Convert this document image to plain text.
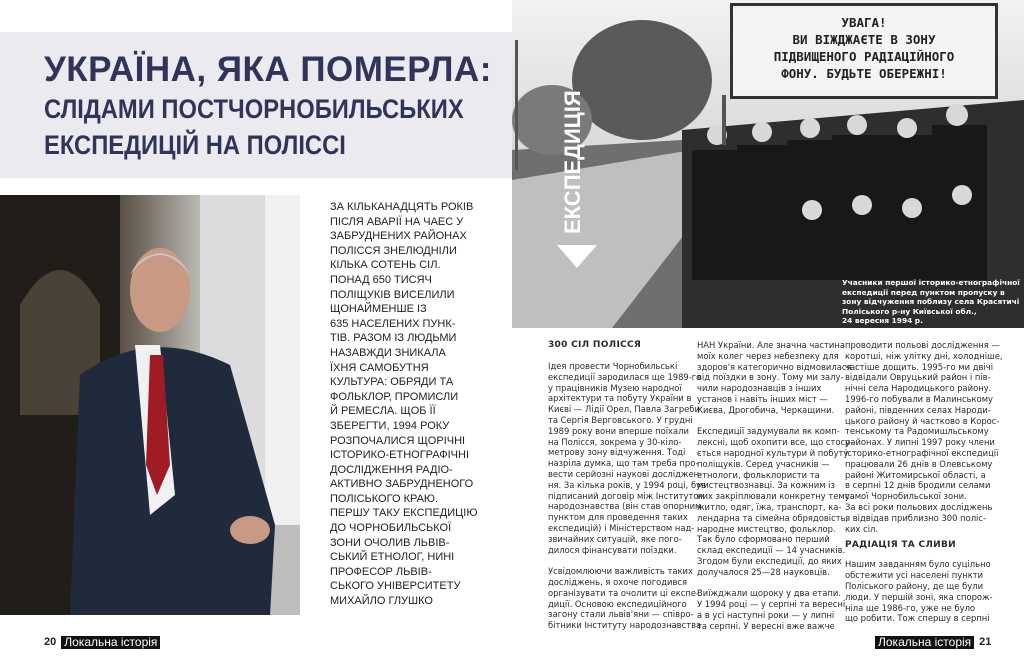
УКРАЇНА, ЯКА ПОМЕРЛА:
СЛІДАМИ ПОСТЧОРНОБИЛЬСЬКИХ
ЕКСПЕДИЦІЙ НА ПОЛІССІ
ЗА КІЛЬКАНАДЦЯТЬ РОКІВ
ПІСЛЯ АВАРІЇ НА ЧАЕС У
ЗАБРУДНЕНИХ РАЙОНАХ
ПОЛІССЯ ЗНЕЛЮДНІЛИ
КІЛЬКА СОТЕНЬ СІЛ.
ПОНАД 650 ТИСЯЧ
ПОЛІЩУКІВ ВИСЕЛИЛИ
ЩОНАЙМЕНШЕ ІЗ
635 НАСЕЛЕНИХ ПУНК-
ТІВ. РАЗОМ ІЗ ЛЮДЬМИ
НАЗАВЖДИ ЗНИКАЛА
ЇХНЯ САМОБУТНЯ
КУЛЬТУРА: ОБРЯДИ ТА
ФОЛЬКЛОР, ПРОМИСЛИ
Й РЕМЕСЛА. ЩОБ ЇЇ
ЗБЕРЕГТИ, 1994 РОКУ
РОЗПОЧАЛИСЯ ЩОРІЧНІ
ІСТОРИКО-ЕТНОГРАФІЧНІ
ДОСЛІДЖЕННЯ РАДІО-
АКТИВНО ЗАБРУДНЕНОГО
ПОЛІСЬКОГО КРАЮ.
ПЕРШУ ТАКУ ЕКСПЕДИЦІЮ
ДО ЧОРНОБИЛЬСЬКОЇ
ЗОНИ ОЧОЛИВ ЛЬВІВ-
СЬКИЙ ЕТНОЛОГ, НИНІ
ПРОФЕСОР ЛЬВІВ-
СЬКОГО УНІВЕРСИТЕТУ
МИХАЙЛО ГЛУШКО
УВАГА!
ВИ ВІЖДЖАЄТЕ В ЗОНУ
ПІДВИЩЕНОГО РАДІАЦІЙНОГО
ФОНУ. БУДЬТЕ ОБЕРЕЖНІ!
ЕКСПЕДИЦІЯ
Учасники першої історико-етнографічної
експедиції перед пунктом пропуску в
зону відчуження поблизу села Красятичі
Поліського р-ну Київської обл.,
24 вересня 1994 р.
300 СІЛ ПОЛІССЯ

Ідея провести Чорнобильські
експедиції зародилася ще 1989-го
у працівників Музею народної
архітектури та побуту України в
Києві — Лідії Орел, Павла Загреби
та Сергія Верговського. У грудні
1989 року вони вперше поїхали
на Полісся, зокрема у 30-кіло-
метрову зону відчуження. Тоді
назріла думка, що там треба про-
вести серйозні наукові досліджен-
ня. За кілька років, у 1994 році, був
підписаний договір між Інститутом
народознавства (він став опорним
пунктом для проведення таких
експедицій) і Міністерством над-
звичайних ситуацій, яке пого-
дилося фінансувати поїздки.

Усвідомлюючи важливість таких
досліджень, я охоче погодився
організувати та очолити ці експе-
диції. Основою експедиційного
загону стали львів'яни — співро-
бітники Інституту народознавства

НАН України. Але значна частина
моїх колег через небезпеку для
здоров'я категорично відмовилася
від поїздки в зону. Тому ми залу-
чили народознавців з інших
установ і навіть інших міст —
Києва, Дрогобича, Черкащини.

Експедиції задумували як комп-
лексні, щоб охопити все, що стосу-
ється народної культури й побуту
поліщуків. Серед учасників —
етнологи, фольклористи та
мистецтвознавці. За кожним із
них закріплювали конкретну тему:
житло, одяг, їжа, транспорт, ка-
лендарна та сімейна обрядовість,
народне мистецтво, фольклор.
Так було сформовано перший
склад експедиції — 14 учасників.
Згодом були експедиції, до яких
долучалося 25—28 науковців.

Виїжджали щороку у два етапи.
У 1994 році — у серпні та вересні,
а в усі наступні роки — у липні
та серпні. У вересні вже важче

проводити польові дослідження —
коротші, ніж улітку дні, холодніше,
частіше дощить. 1995-го ми двічі
відвідали Овруцький район і пів-
нічні села Народицького району.
1996-го побували в Малинському
районі, південних селах Народи-
цького району й частково в Корос-
тенському та Радомишльському
районах. У липні 1997 року члени
історико-етнографічної експедиції
працювали 26 днів в Олевському
районі Житомирської області, а
в серпні 12 днів бродили селами
самої Чорнобильської зони.
За всі роки польових досліджень
я відвідав приблизно 300 поліс-
ких сіл.

РАДІАЦІЯ ТА СЛИВИ

Нашим завданням було суцільно
обстежити усі населені пункти
Поліського району, де ще були
люди. У першій зоні, яка спорож-
ніла ще 1986-го, уже не було
що робити. Тож спершу в серпні

20 Локальна історія	Локальна історія 21
